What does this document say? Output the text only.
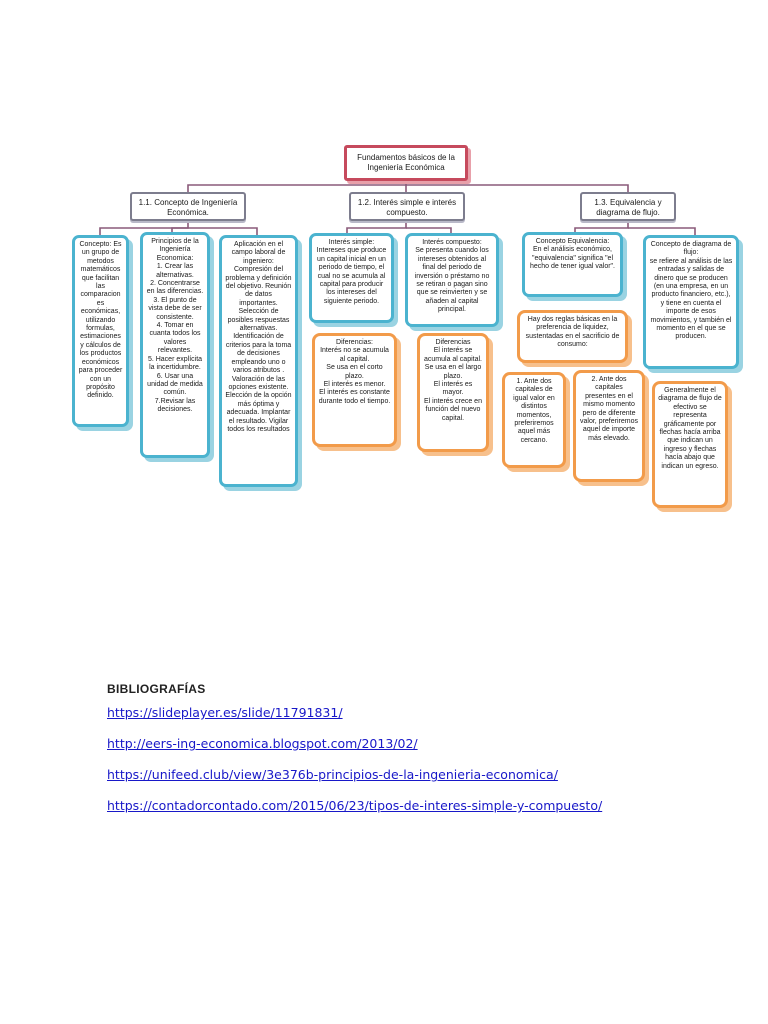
Fundamentos básicos de la Ingeniería Económica
1.1. Concepto de Ingeniería Económica.
1.2. Interés simple e interés compuesto.
1.3. Equivalencia y diagrama de flujo.
Concepto: Es un grupo de metodos matemáticos que facilitan las comparacion es económicas, utilizando formulas, estimaciones y cálculos de los productos económicos para proceder con un propósito definido.
Principios de la Ingeniería Economica:
1. Crear las alternativas.
2. Concentrarse en las diferencias.
3. El punto de vista debe de ser consistente.
4. Tomar en cuanta todos los valores relevantes.
5. Hacer explícita la incertidumbre.
6. Usar una unidad de medida común.
7.Revisar las decisiones.
Aplicación en el campo laboral de ingeniero: Compresión del problema y definición del objetivo. Reunión de datos importantes. Selección de posibles respuestas alternativas. Identificación de criterios para la toma de decisiones empleando uno o varios atributos . Valoración de las opciones existente. Elección de la opción más óptima y adecuada. Implantar el resultado. Vigilar todos los resultados
Interés simple:
Intereses que produce un capital inicial en un periodo de tiempo, el cual no se acumula al capital para producir los intereses del siguiente periodo.
Interés compuesto:
Se presenta cuando los intereses obtenidos al final del periodo de inversión o préstamo no se retiran o pagan sino que se reinvierten y se añaden al capital principal.
Diferencias:
Interés no se acumula al capital.
Se usa en el corto plazo.
El interés es menor.
El interés es constante durante todo el tiempo.
Diferencias
El interés se acumula al capital.
Se usa en el largo plazo.
El interés es mayor.
El interés crece en función del nuevo capital.
Concepto Equivalencia:
En el análisis económico, "equivalencia" significa "el hecho de tener igual valor".
Concepto de diagrama de flujo:
se refiere al análisis de las entradas y salidas de dinero que se producen (en una empresa, en un producto financiero, etc.), y tiene en cuenta el importe de esos movimientos, y también el momento en el que se producen.
Hay dos reglas básicas en la preferencia de liquidez, sustentadas en el sacrificio de consumo:
1. Ante dos capitales de igual valor en distintos momentos, preferiremos aquel más cercano.
2. Ante dos capitales presentes en el mismo momento pero de diferente valor, preferiremos aquel de importe más elevado.
Generalmente el diagrama de flujo de efectivo se representa gráficamente por flechas hacía arriba que indican un ingreso y flechas hacía abajo que indican un egreso.
BIBLIOGRAFÍAS
https://slideplayer.es/slide/11791831/
http://eers-ing-economica.blogspot.com/2013/02/
https://unifeed.club/view/3e376b-principios-de-la-ingenieria-economica/
https://contadorcontado.com/2015/06/23/tipos-de-interes-simple-y-compuesto/
